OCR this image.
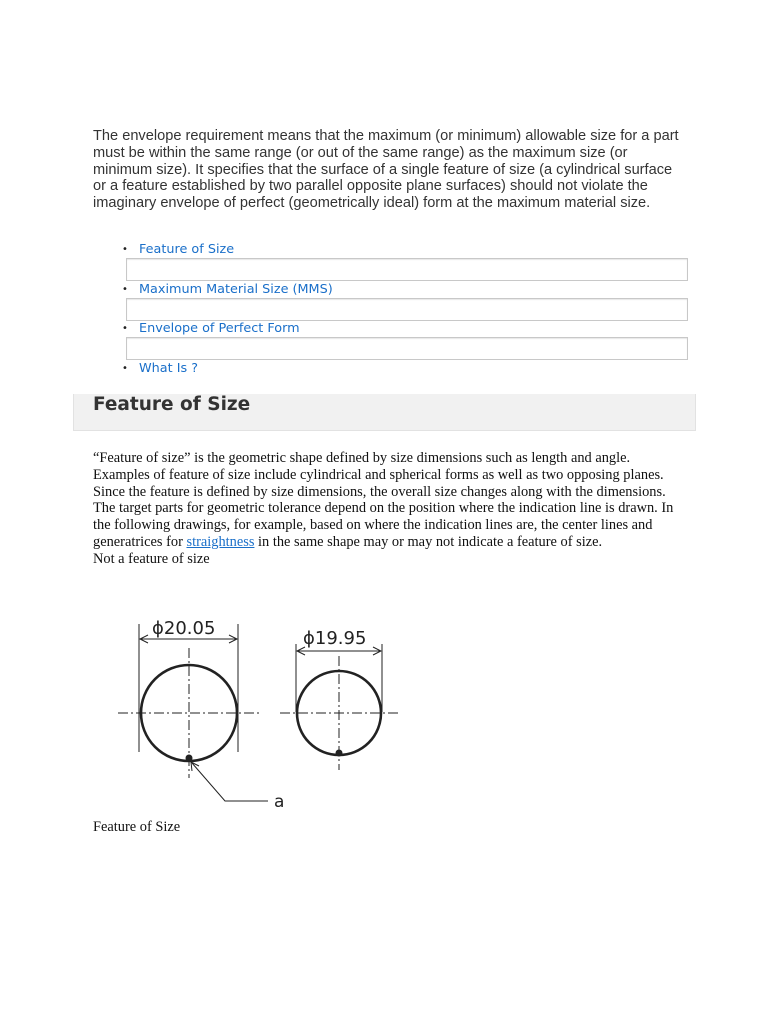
The envelope requirement means that the maximum (or minimum) allowable size for a part must be within the same range (or out of the same range) as the maximum size (or minimum size). It specifies that the surface of a single feature of size (a cylindrical surface or a feature established by two parallel opposite plane surfaces) should not violate the imaginary envelope of perfect (geometrically ideal) form at the maximum material size.

• Feature of Size
• Maximum Material Size (MMS)
• Envelope of Perfect Form
• What Is ?
Feature of Size

“Feature of size” is the geometric shape defined by size dimensions such as length and angle. Examples of feature of size include cylindrical and spherical forms as well as two opposing planes. Since the feature is defined by size dimensions, the overall size changes along with the dimensions.

The target parts for geometric tolerance depend on the position where the indication line is drawn. In the following drawings, for example, based on where the indication lines are, the center lines and generatrices for straightness in the same shape may or may not indicate a feature of size.

Not a feature of size

ϕ20.05	ϕ19.95
a
Feature of Size
